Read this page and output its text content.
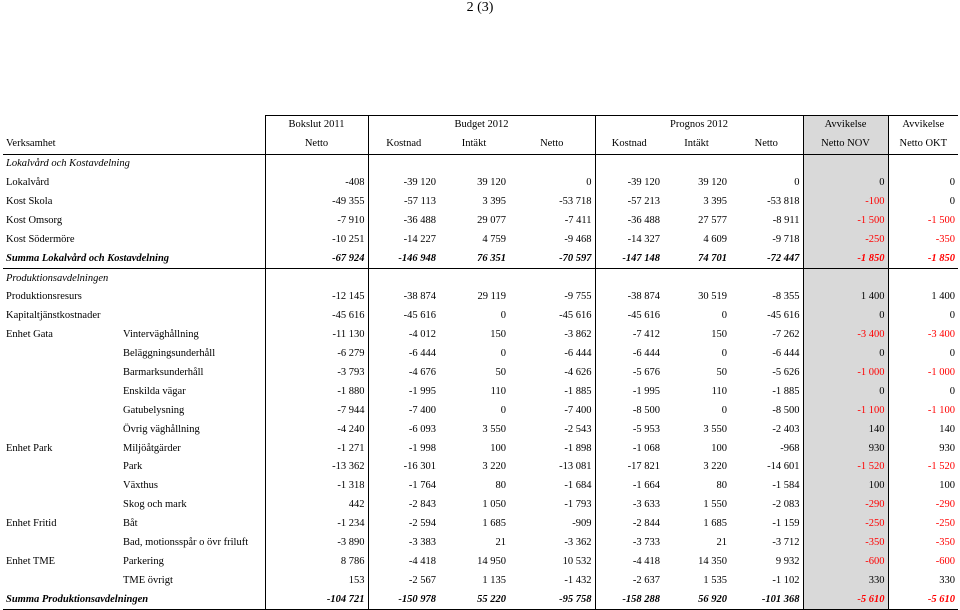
2 (3)
		Bokslut 2011	Budget 2012			Prognos 2012			Avvikelse	Avvikelse
Verksamhet		Netto	Kostnad	Intäkt	Netto	Kostnad	Intäkt	Netto	Netto NOV	Netto OKT
Lokalvård och Kostavdelning										
Lokalvård		-408	-39 120	39 120	0	-39 120	39 120	0	0	0
Kost Skola		-49 355	-57 113	3 395	-53 718	-57 213	3 395	-53 818	-100	0
Kost Omsorg		-7 910	-36 488	29 077	-7 411	-36 488	27 577	-8 911	-1 500	-1 500
Kost Södermöre		-10 251	-14 227	4 759	-9 468	-14 327	4 609	-9 718	-250	-350
Summa Lokalvård och Kostavdelning		-67 924	-146 948	76 351	-70 597	-147 148	74 701	-72 447	-1 850	-1 850
Produktionsavdelningen										
Produktionsresurs		-12 145	-38 874	29 119	-9 755	-38 874	30 519	-8 355	1 400	1 400
Kapitaltjänstkostnader		-45 616	-45 616	0	-45 616	-45 616	0	-45 616	0	0
Enhet Gata	Vinterväghållning	-11 130	-4 012	150	-3 862	-7 412	150	-7 262	-3 400	-3 400
	Beläggningsunderhåll	-6 279	-6 444	0	-6 444	-6 444	0	-6 444	0	0
	Barmarksunderhåll	-3 793	-4 676	50	-4 626	-5 676	50	-5 626	-1 000	-1 000
	Enskilda vägar	-1 880	-1 995	110	-1 885	-1 995	110	-1 885	0	0
	Gatubelysning	-7 944	-7 400	0	-7 400	-8 500	0	-8 500	-1 100	-1 100
	Övrig väghållning	-4 240	-6 093	3 550	-2 543	-5 953	3 550	-2 403	140	140
Enhet Park	Miljöåtgärder	-1 271	-1 998	100	-1 898	-1 068	100	-968	930	930
	Park	-13 362	-16 301	3 220	-13 081	-17 821	3 220	-14 601	-1 520	-1 520
	Växthus	-1 318	-1 764	80	-1 684	-1 664	80	-1 584	100	100
	Skog och mark	442	-2 843	1 050	-1 793	-3 633	1 550	-2 083	-290	-290
Enhet Fritid	Båt	-1 234	-2 594	1 685	-909	-2 844	1 685	-1 159	-250	-250
	Bad, motionsspår o övr friluft	-3 890	-3 383	21	-3 362	-3 733	21	-3 712	-350	-350
Enhet TME	Parkering	8 786	-4 418	14 950	10 532	-4 418	14 350	9 932	-600	-600
	TME övrigt	153	-2 567	1 135	-1 432	-2 637	1 535	-1 102	330	330
Summa Produktionsavdelningen		-104 721	-150 978	55 220	-95 758	-158 288	56 920	-101 368	-5 610	-5 610
